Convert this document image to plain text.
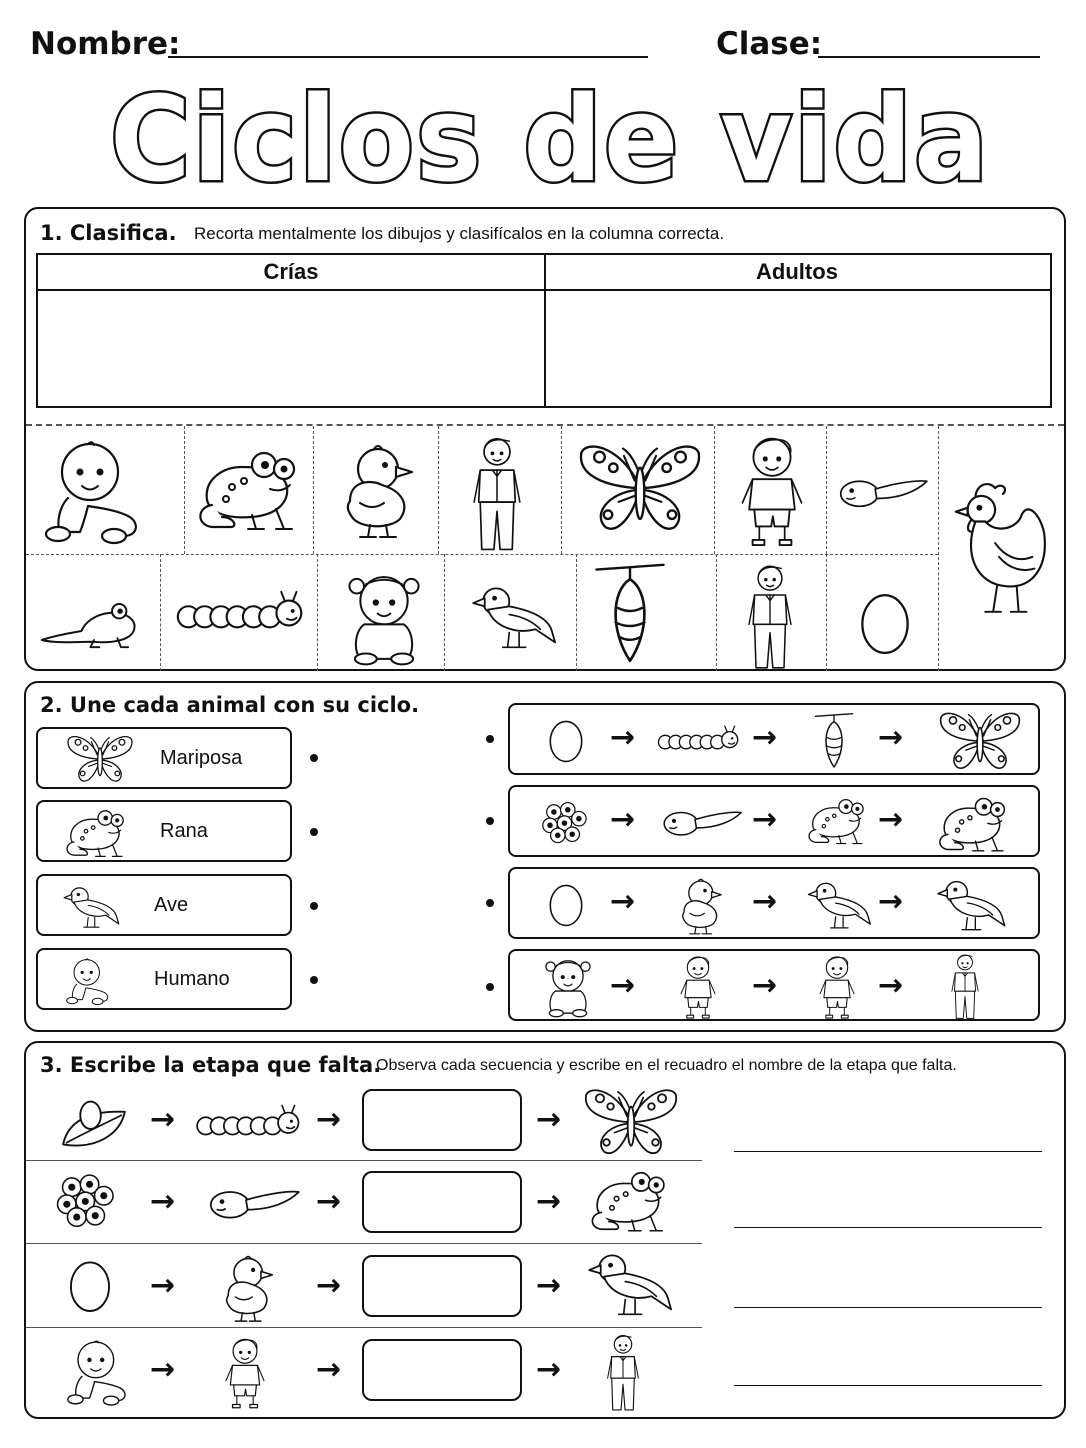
Nombre:	Clase:
Ciclos de vida
1. Clasifica. Recorta mentalmente los dibujos y clasifícalos en la columna correcta.
Crías	Adultos
2. Une cada animal con su ciclo.
Mariposa
Rana
Ave
Humano
→	→	→
→	→	→
→	→	→
→	→	→
3. Escribe la etapa que falta.
Observa cada secuencia y escribe en el recuadro el nombre de la etapa que falta.
→	→	→
→	→	→
→	→	→
→	→	→
